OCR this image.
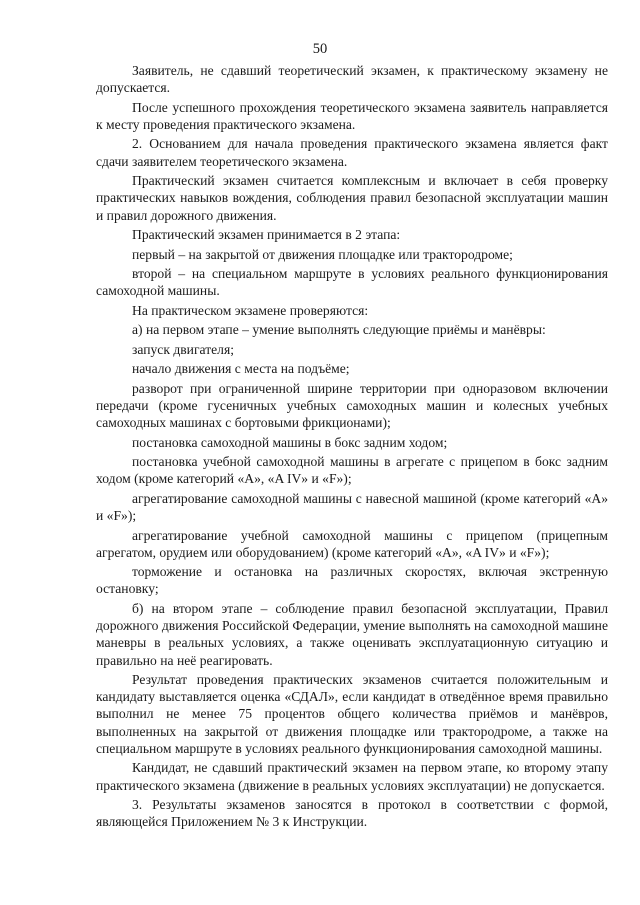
50

Заявитель, не сдавший теоретический экзамен, к практическому экзамену не допускается.

После успешного прохождения теоретического экзамена заявитель направляется к месту проведения практического экзамена.

2. Основанием для начала проведения практического экзамена является факт сдачи заявителем теоретического экзамена.

Практический экзамен считается комплексным и включает в себя проверку практических навыков вождения, соблюдения правил безопасной эксплуатации машин и правил дорожного движения.

Практический экзамен принимается в 2 этапа:

первый – на закрытой от движения площадке или трактородроме;

второй – на специальном маршруте в условиях реального функционирования самоходной машины.

На практическом экзамене проверяются:

а) на первом этапе – умение выполнять следующие приёмы и манёвры:

запуск двигателя;

начало движения с места на подъёме;

разворот при ограниченной ширине территории при одноразовом включении передачи (кроме гусеничных учебных самоходных машин и колесных учебных самоходных машинах с бортовыми фрикционами);

постановка самоходной машины в бокс задним ходом;

постановка учебной самоходной машины в агрегате с прицепом в бокс задним ходом (кроме категорий «А», «A IV» и «F»);

агрегатирование самоходной машины с навесной машиной (кроме категорий «А» и «F»);

агрегатирование учебной самоходной машины с прицепом (прицепным агрегатом, орудием или оборудованием) (кроме категорий «А», «A IV» и «F»);

торможение и остановка на различных скоростях, включая экстренную остановку;

б) на втором этапе – соблюдение правил безопасной эксплуатации, Правил дорожного движения Российской Федерации, умение выполнять на самоходной машине маневры в реальных условиях, а также оценивать эксплуатационную ситуацию и правильно на неё реагировать.

Результат проведения практических экзаменов считается положительным и кандидату выставляется оценка «СДАЛ», если кандидат в отведённое время правильно выполнил не менее 75 процентов общего количества приёмов и манёвров, выполненных на закрытой от движения площадке или трактородроме, а также на специальном маршруте в условиях реального функционирования самоходной машины.

Кандидат, не сдавший практический экзамен на первом этапе, ко второму этапу практического экзамена (движение в реальных условиях эксплуатации) не допускается.

3. Результаты экзаменов заносятся в протокол в соответствии с формой, являющейся Приложением № 3 к Инструкции.
